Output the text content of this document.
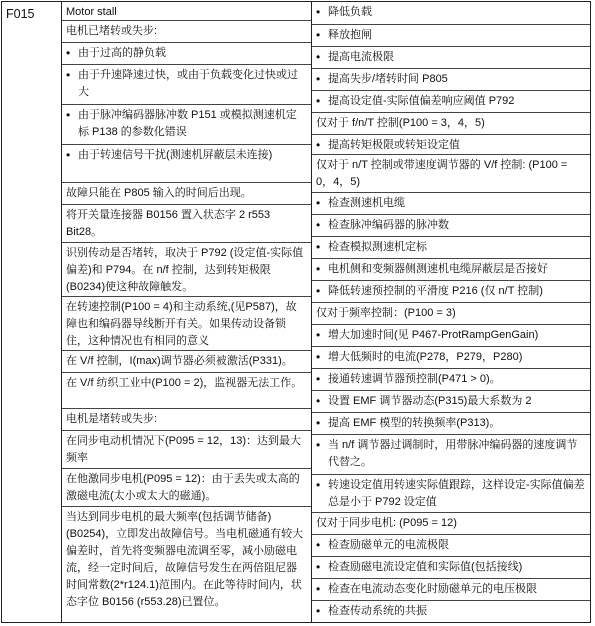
F015	Motor stall
电机已堵转或失步:
• 由于过高的静负载
• 由于升速降速过快，或由于负载变化过快或过大
• 由于脉冲编码器脉冲数 P151 或模拟测速机定标 P138 的参数化错误
• 由于转速信号干扰(测速机屏蔽层未连接)
故障只能在 P805 输入的时间后出现。
将开关量连接器 B0156 置入状态字 2 r553 Bit28。
识别传动是否堵转，取决于 P792 (设定值-实际值偏差)和 P794。在 n/f 控制，达到转矩极限(B0234)使这种故障触发。
在转速控制(P100 = 4)和主动系统,(见P587)，故障也和编码器导线断开有关。如果传动设备锁住，这种情况也有相同的意义
在 V/f 控制，I(max)调节器必须被激活(P331)。
在 V/f 纺织工业中(P100 = 2)，监视器无法工作。
电机是堵转或失步:
在同步电动机情况下(P095 = 12，13)：达到最大频率
在他激同步电机(P095 = 12)：由于丢失或太高的激磁电流(太小或太大的磁通)。
当达到同步电机的最大频率(包括调节储备)(B0254)，立即发出故障信号。当电机磁通有较大偏差时，首先将变频器电流调至零，减小励磁电流，经一定时间后，故障信号发生在两倍阻尼器时间常数(2*r124.1)范围内。在此等待时间内，状态字位 B0156 (r553.28)已置位。
• 降低负载
• 释放抱闸
• 提高电流极限
• 提高失步/堵转时间 P805
• 提高设定值-实际值偏差响应阈值 P792
仅对于 f/n/T 控制(P100 = 3，4，5)
• 提高转矩极限或转矩设定值
仅对于 n/T 控制或带速度调节器的 V/f 控制: (P100 = 0，4，5)
• 检查测速机电缆
• 检查脉冲编码器的脉冲数
• 检查模拟测速机定标
• 电机侧和变频器侧测速机电缆屏蔽层是否接好
• 降低转速预控制的平滑度 P216 (仅 n/T 控制)
仅对于频率控制：(P100 = 3)
• 增大加速时间(见 P467-ProtRampGenGain)
• 增大低频时的电流(P278，P279，P280)
• 接通转速调节器预控制(P471 > 0)。
• 设置 EMF 调节器动态(P315)最大系数为 2
• 提高 EMF 模型的转换频率(P313)。
• 当 n/f 调节器过调制时，用带脉冲编码器的速度调节代替之。
• 转速设定值用转速实际值跟踪，这样设定-实际值偏差总是小于 P792 设定值
仅对于同步电机: (P095 = 12)
• 检查励磁单元的电流极限
• 检查励磁电流设定值和实际值(包括接线)
• 检查在电流动态变化时励磁单元的电压极限
• 检查传动系统的共振
